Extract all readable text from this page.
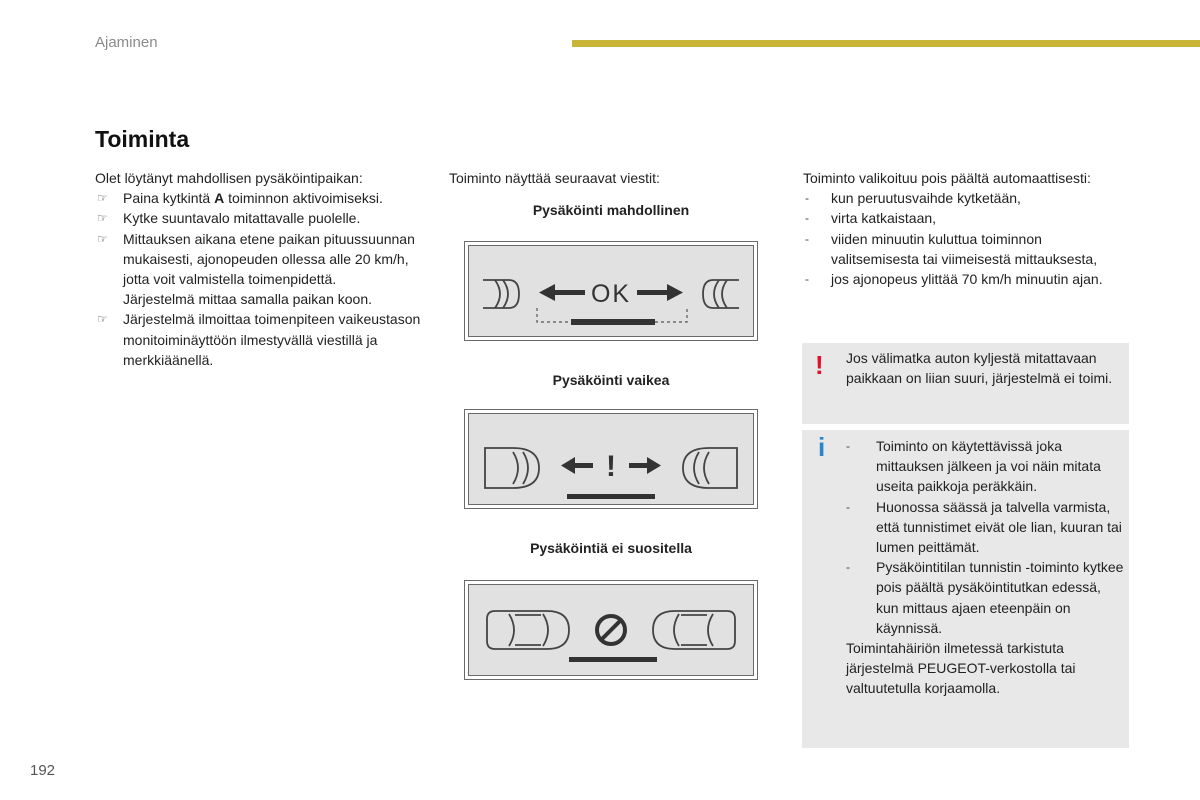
Ajaminen
Toiminta

Olet löytänyt mahdollisen pysäköintipaikan:

☞ Paina kytkintä A toiminnon aktivoimiseksi.
☞ Kytke suuntavalo mitattavalle puolelle.
☞ Mittauksen aikana etene paikan pituussuunnan mukaisesti, ajonopeuden ollessa alle 20 km/h, jotta voit valmistella toimenpidettä.
Järjestelmä mittaa samalla paikan koon.
☞ Järjestelmä ilmoittaa toimenpiteen vaikeustason monitoiminäyttöön ilmestyvällä viestillä ja merkkiäänellä.
Toiminto näyttää seuraavat viestit:
Pysäköinti mahdollinen
OK
Pysäköinti vaikea
!
Pysäköintiä ei suositella

Toiminto valikoituu pois päältä automaattisesti:

- kun peruutusvaihde kytketään,
- virta katkaistaan,
- viiden minuutin kuluttua toiminnon valitsemisesta tai viimeisestä mittauksesta,
- jos ajonopeus ylittää 70 km/h minuutin ajan.
! Jos välimatka auton kyljestä mitattavaan paikkaan on liian suuri, järjestelmä ei toimi.
i - Toiminto on käytettävissä joka mittauksen jälkeen ja voi näin mitata useita paikkoja peräkkäin.
- Huonossa säässä ja talvella varmista, että tunnistimet eivät ole lian, kuuran tai lumen peittämät.
- Pysäköintitilan tunnistin -toiminto kytkee pois päältä pysäköintitutkan edessä, kun mittaus ajaen eteenpäin on käynnissä.

Toimintahäiriön ilmetessä tarkistuta järjestelmä PEUGEOT-verkostolla tai valtuutetulla korjaamolla.

192
